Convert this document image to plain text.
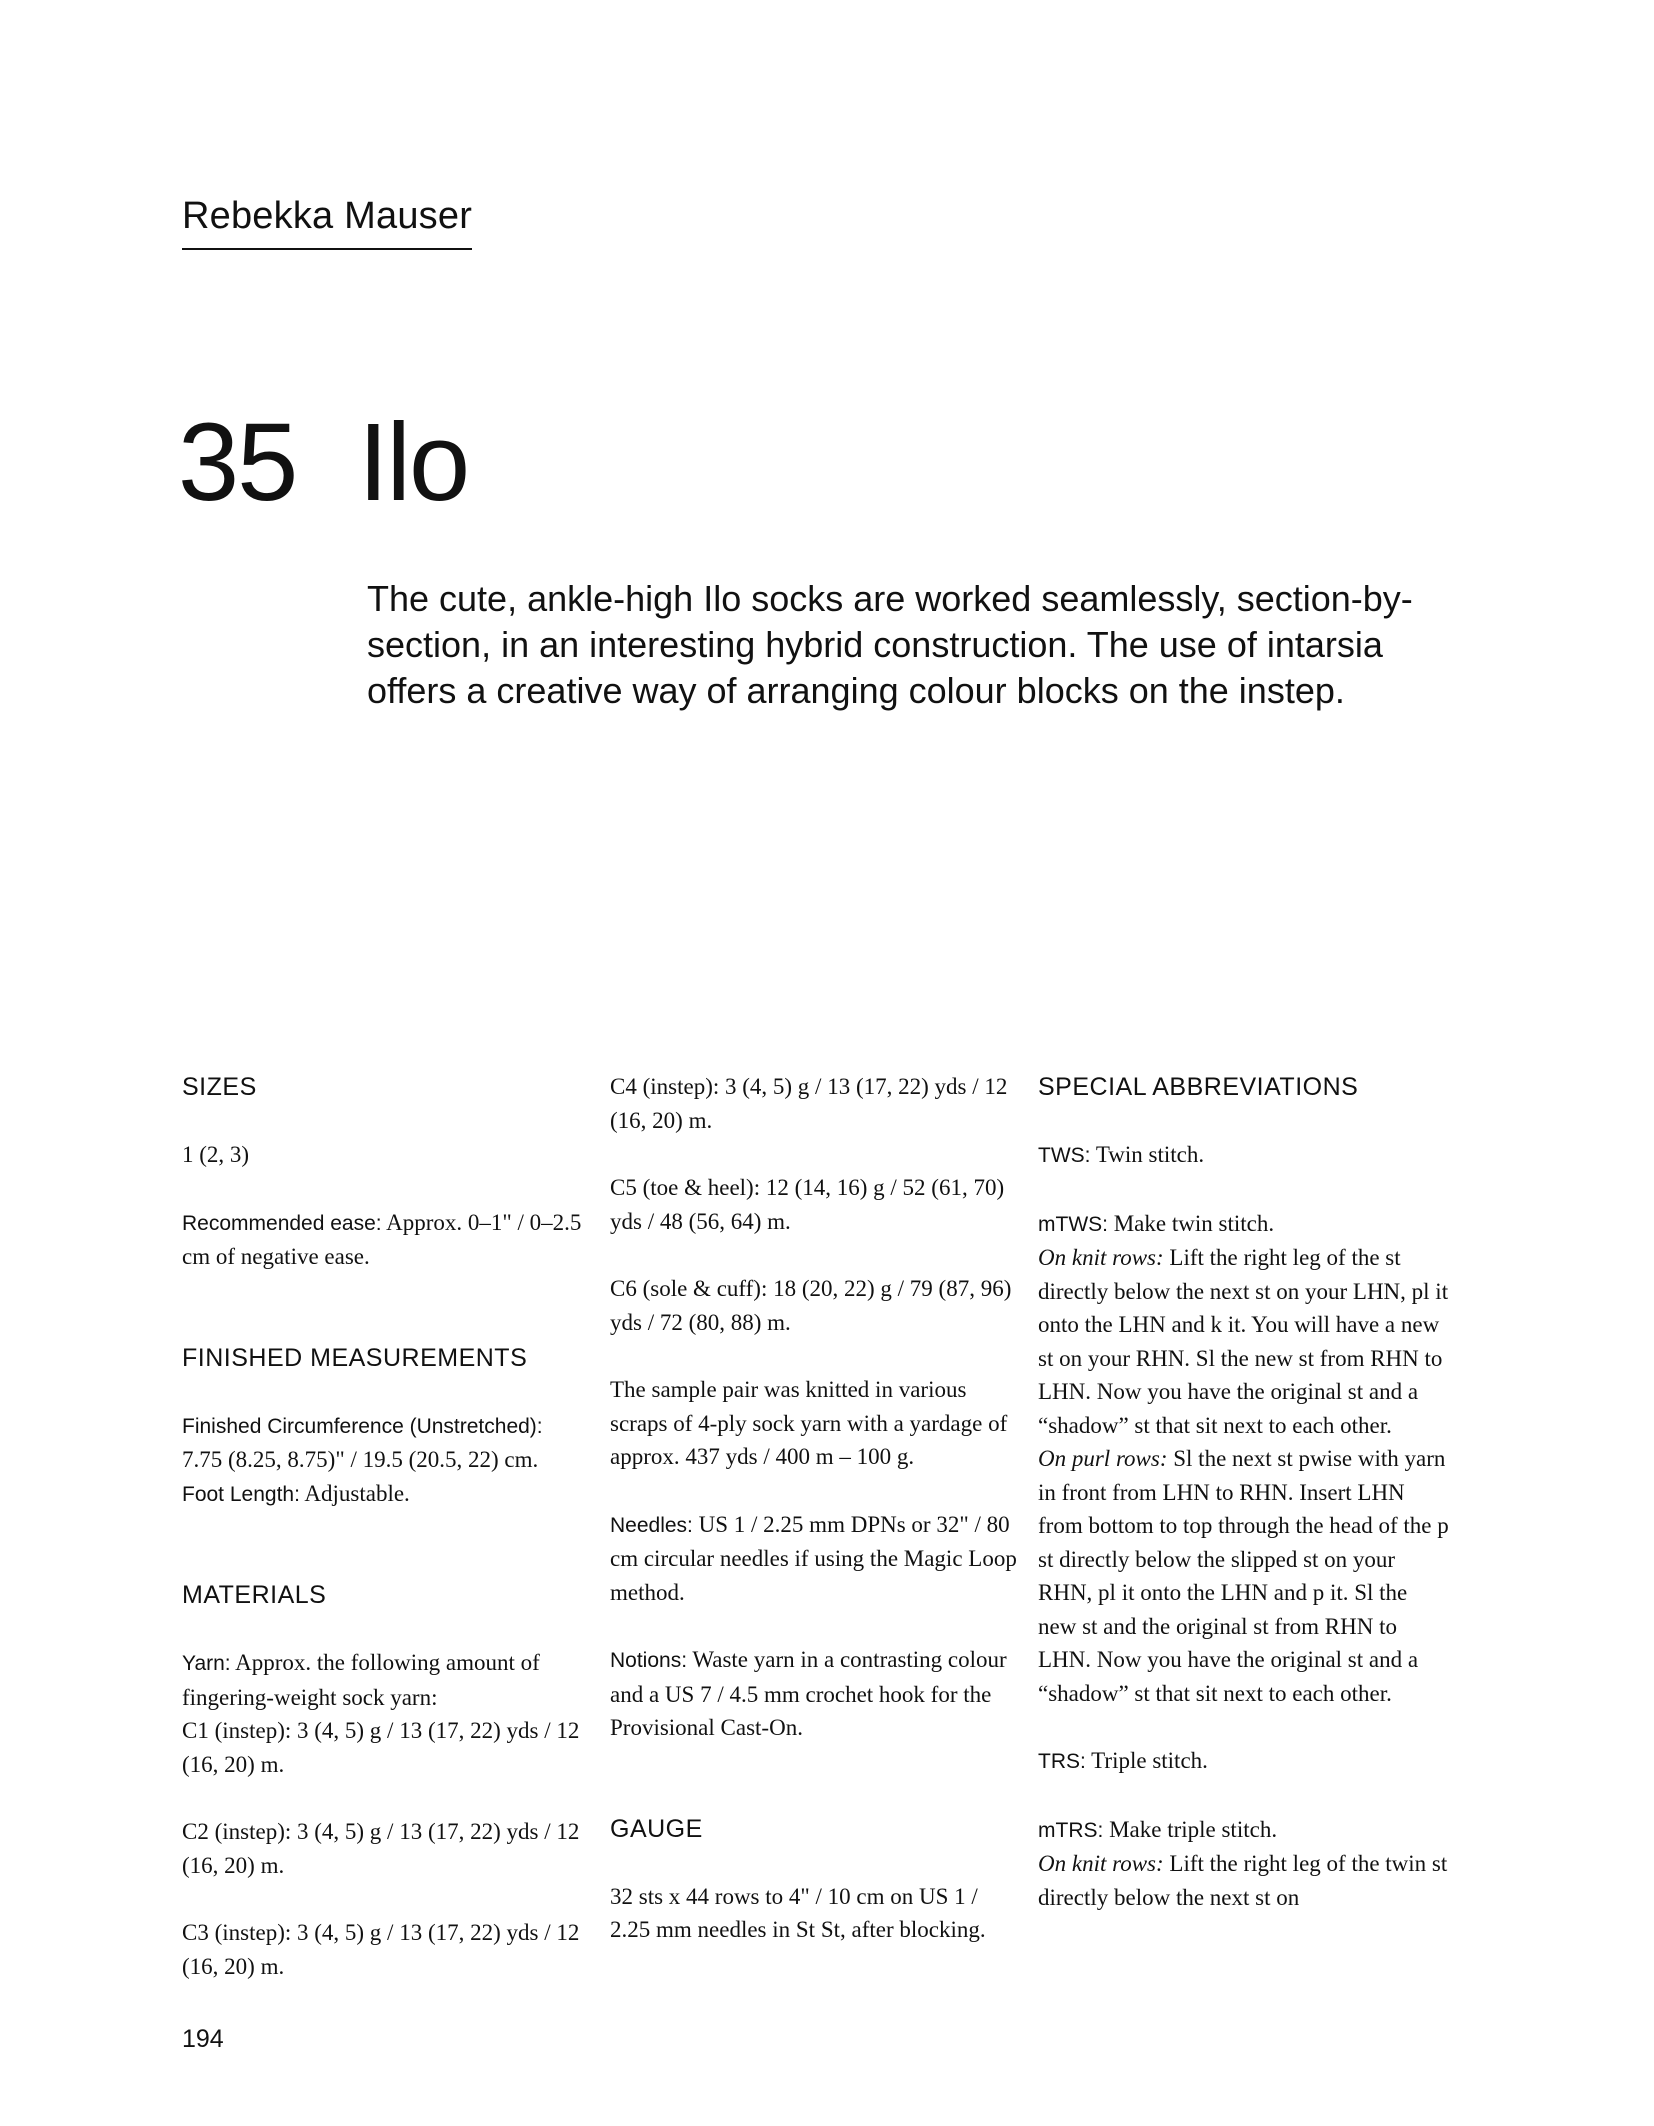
Rebekka Mauser
35 Ilo
The cute, ankle-high Ilo socks are worked seamlessly, section-by-section, in an interesting hybrid construction. The use of intarsia offers a creative way of arranging colour blocks on the instep.

SIZES

1 (2, 3)

Recommended ease: Approx. 0–1" / 0–2.5 cm of negative ease.

FINISHED MEASUREMENTS

Finished Circumference (Unstretched):
7.75 (8.25, 8.75)" / 19.5 (20.5, 22) cm.

Foot Length: Adjustable.

MATERIALS

Yarn: Approx. the following amount of fingering-weight sock yarn:

C1 (instep): 3 (4, 5) g / 13 (17, 22) yds / 12 (16, 20) m.

C2 (instep): 3 (4, 5) g / 13 (17, 22) yds / 12 (16, 20) m.

C3 (instep): 3 (4, 5) g / 13 (17, 22) yds / 12 (16, 20) m.

C4 (instep): 3 (4, 5) g / 13 (17, 22) yds / 12 (16, 20) m.

C5 (toe & heel): 12 (14, 16) g / 52 (61, 70) yds / 48 (56, 64) m.

C6 (sole & cuff): 18 (20, 22) g / 79 (87, 96) yds / 72 (80, 88) m.

The sample pair was knitted in various scraps of 4-ply sock yarn with a yardage of approx. 437 yds / 400 m – 100 g.

Needles: US 1 / 2.25 mm DPNs or 32" / 80 cm circular needles if using the Magic Loop method.

Notions: Waste yarn in a contrasting colour and a US 7 / 4.5 mm crochet hook for the Provisional Cast-On.

GAUGE

32 sts x 44 rows to 4" / 10 cm on US 1 / 2.25 mm needles in St St, after blocking.

SPECIAL ABBREVIATIONS

TWS: Twin stitch.

mTWS: Make twin stitch.

On knit rows: Lift the right leg of the st directly below the next st on your LHN, pl it onto the LHN and k it. You will have a new st on your RHN. Sl the new st from RHN to LHN. Now you have the original st and a “shadow” st that sit next to each other.

On purl rows: Sl the next st pwise with yarn in front from LHN to RHN. Insert LHN from bottom to top through the head of the p st directly below the slipped st on your RHN, pl it onto the LHN and p it. Sl the new st and the original st from RHN to LHN. Now you have the original st and a “shadow” st that sit next to each other.

TRS: Triple stitch.

mTRS: Make triple stitch.

On knit rows: Lift the right leg of the twin st directly below the next st on

194
